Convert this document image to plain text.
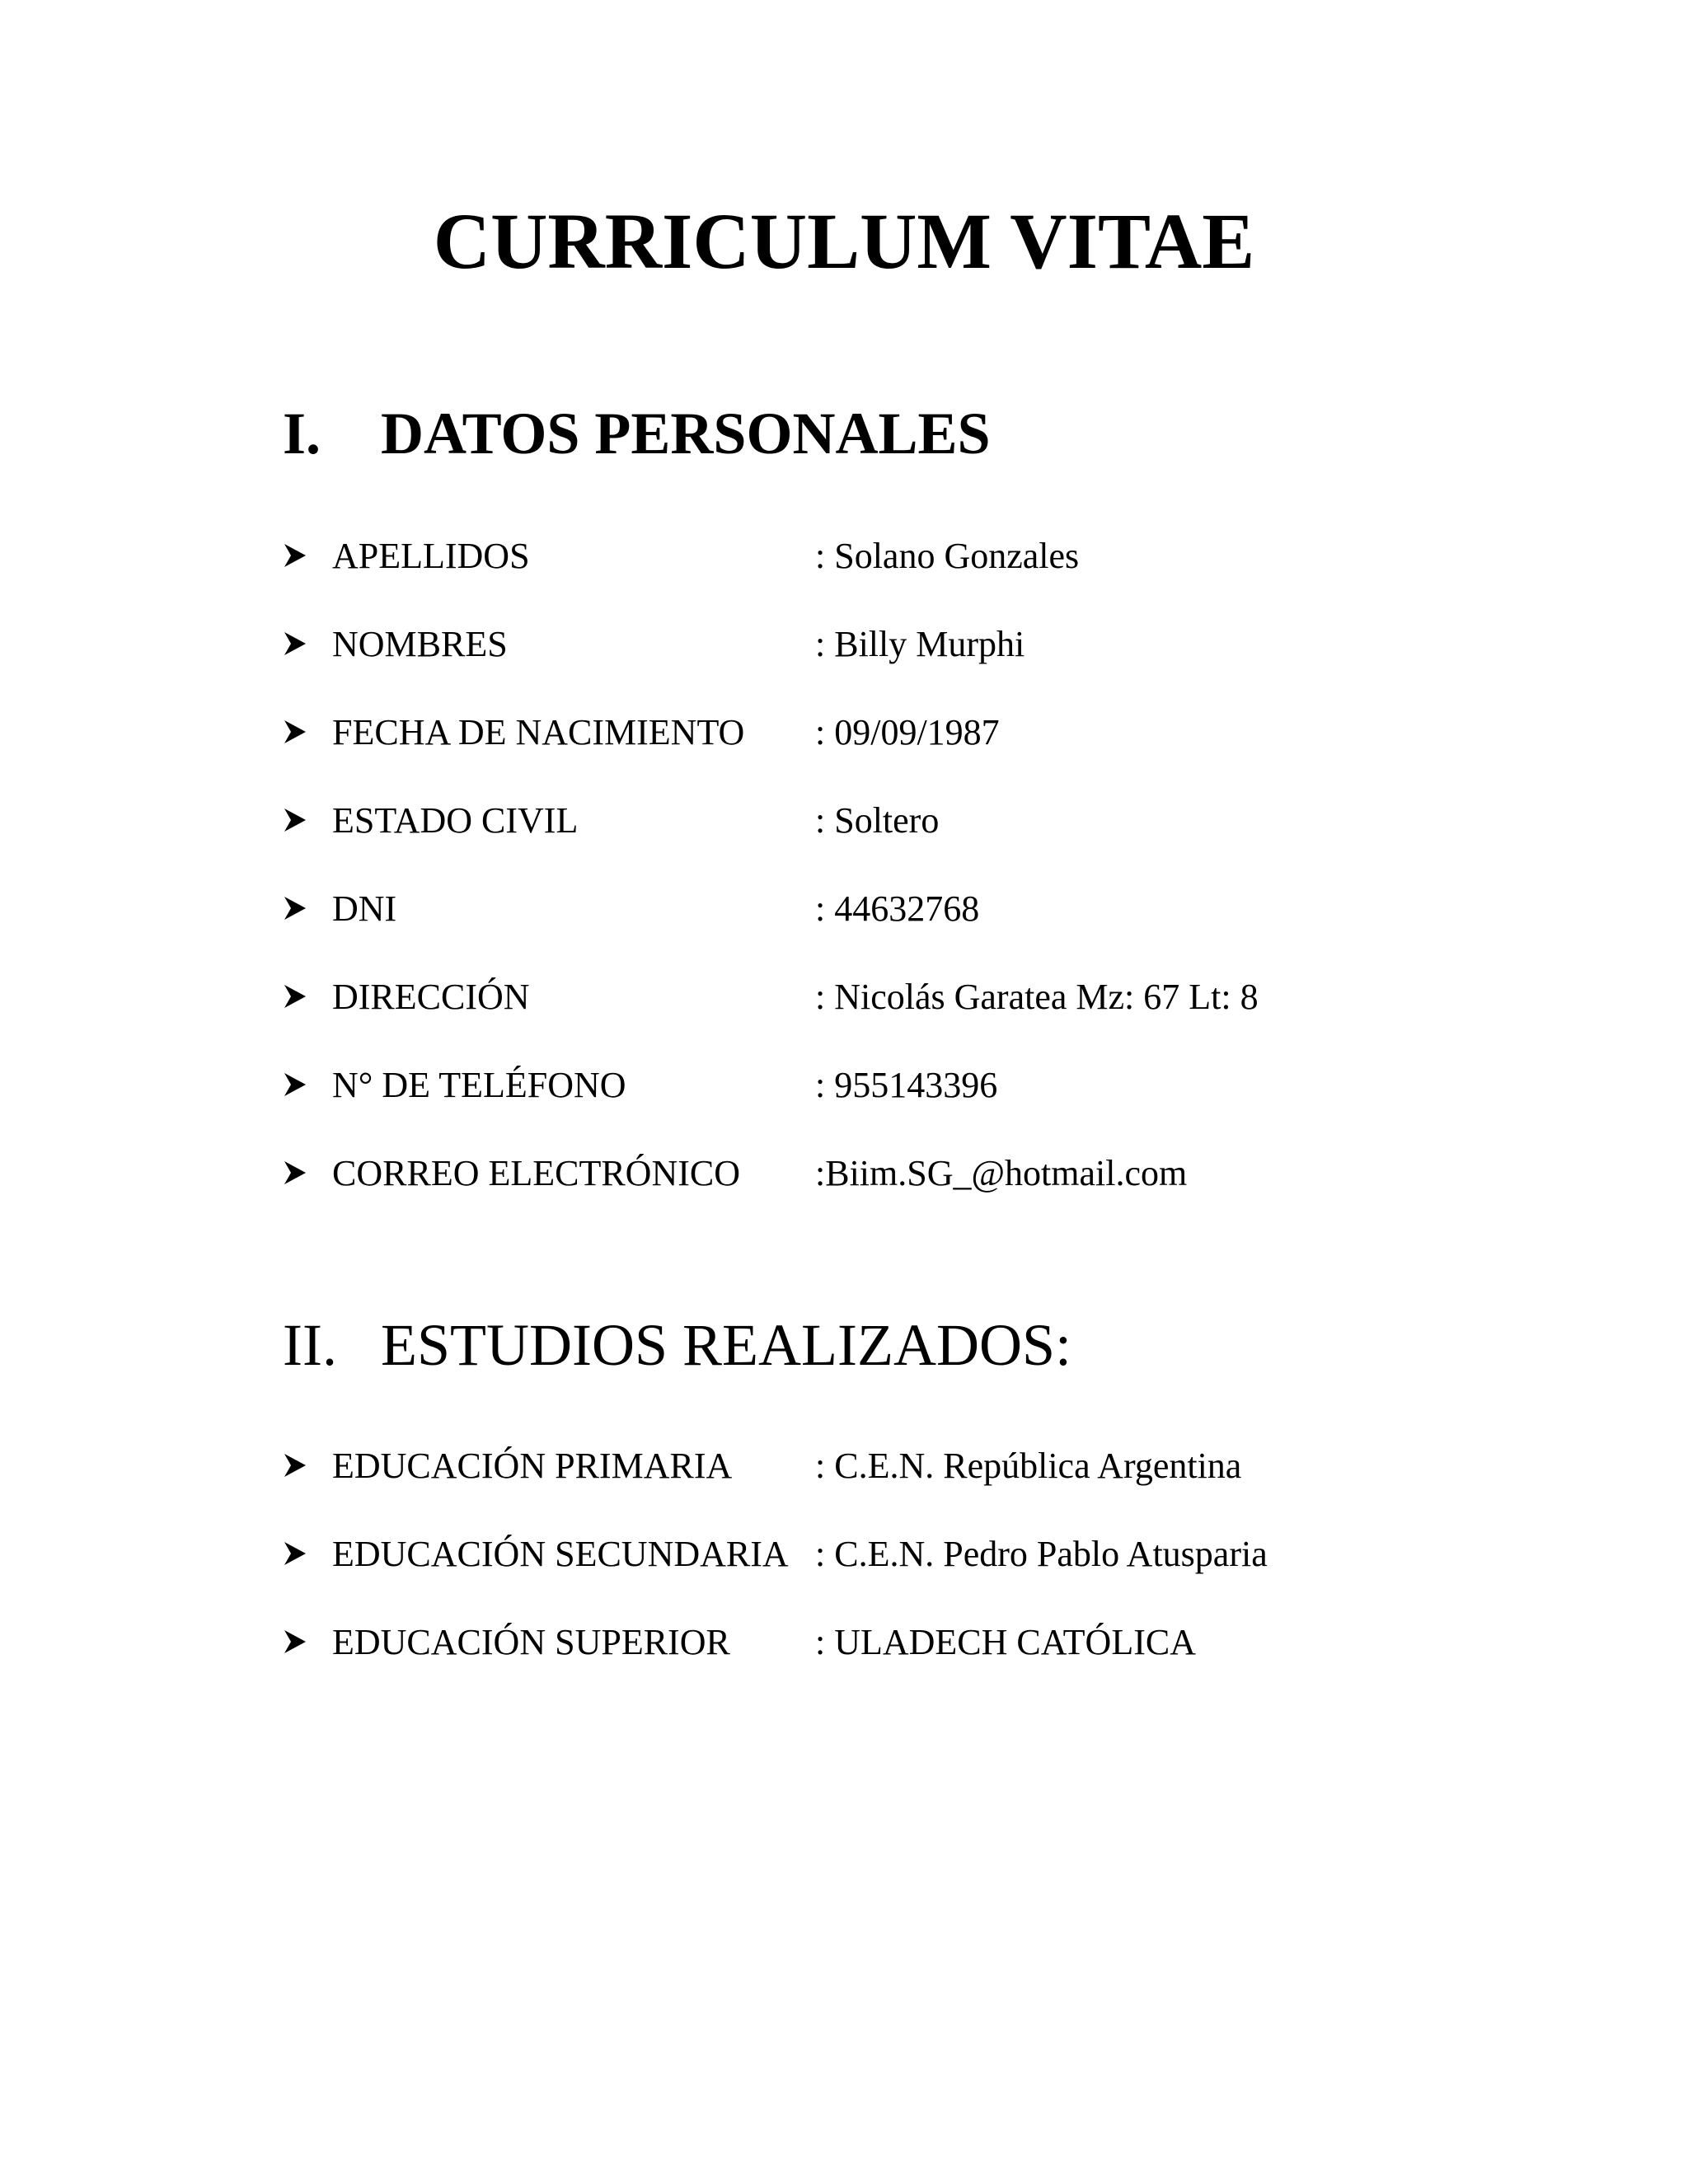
CURRICULUM VITAE
I. DATOS PERSONALES
APELLIDOS	: Solano Gonzales
NOMBRES	: Billy Murphi
FECHA DE NACIMIENTO : 09/09/1987
ESTADO CIVIL	: Soltero
DNI	: 44632768
DIRECCIÓN	: Nicolás Garatea Mz: 67 Lt: 8
N° DE TELÉFONO	: 955143396
CORREO ELECTRÓNICO :Biim.SG_@hotmail.com
II. ESTUDIOS REALIZADOS:
EDUCACIÓN PRIMARIA : C.E.N. República Argentina
EDUCACIÓN SECUNDARIA : C.E.N. Pedro Pablo Atusparia
EDUCACIÓN SUPERIOR : ULADECH CATÓLICA
